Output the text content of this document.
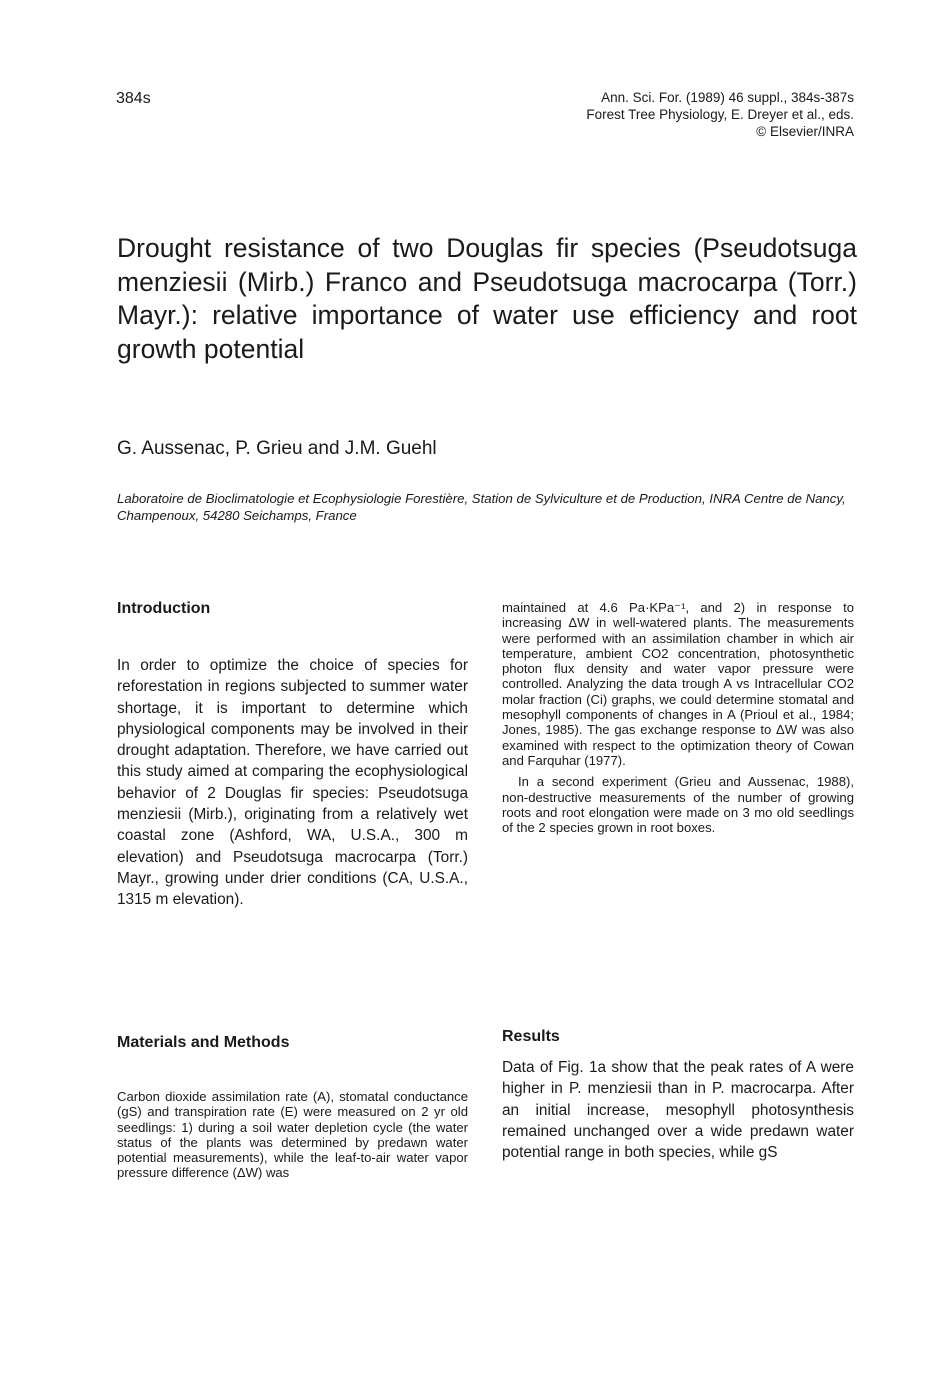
384s	Ann. Sci. For. (1989) 46 suppl., 384s-387s
Forest Tree Physiology, E. Dreyer et al., eds.
© Elsevier/INRA
Drought resistance of two Douglas fir species (Pseudotsuga menziesii (Mirb.) Franco and Pseudotsuga macrocarpa (Torr.) Mayr.): relative importance of water use efficiency and root growth potential
G. Aussenac, P. Grieu and J.M. Guehl
Laboratoire de Bioclimatologie et Ecophysiologie Forestière, Station de Sylviculture et de Production, INRA Centre de Nancy, Champenoux, 54280 Seichamps, France
Introduction

In order to optimize the choice of species for reforestation in regions subjected to summer water shortage, it is important to determine which physiological components may be involved in their drought adaptation. Therefore, we have carried out this study aimed at comparing the ecophysiological behavior of 2 Douglas fir species: Pseudotsuga menziesii (Mirb.), originating from a relatively wet coastal zone (Ashford, WA, U.S.A., 300 m elevation) and Pseudotsuga macrocarpa (Torr.) Mayr., growing under drier conditions (CA, U.S.A., 1315 m elevation).

Materials and Methods

Carbon dioxide assimilation rate (A), stomatal conductance (gS) and transpiration rate (E) were measured on 2 yr old seedlings: 1) during a soil water depletion cycle (the water status of the plants was determined by predawn water potential measurements), while the leaf-to-air water vapor pressure difference (ΔW) was

maintained at 4.6 Pa·KPa⁻¹, and 2) in response to increasing ΔW in well-watered plants. The measurements were performed with an assimilation chamber in which air temperature, ambient CO2 concentration, photosynthetic photon flux density and water vapor pressure were controlled. Analyzing the data trough A vs Intracellular CO2 molar fraction (Ci) graphs, we could determine stomatal and mesophyll components of changes in A (Prioul et al., 1984; Jones, 1985). The gas exchange response to ΔW was also examined with respect to the optimization theory of Cowan and Farquhar (1977).

In a second experiment (Grieu and Aussenac, 1988), non-destructive measurements of the number of growing roots and root elongation were made on 3 mo old seedlings of the 2 species grown in root boxes.

Results

Data of Fig. 1a show that the peak rates of A were higher in P. menziesii than in P. macrocarpa. After an initial increase, mesophyll photosynthesis remained unchanged over a wide predawn water potential range in both species, while gS
